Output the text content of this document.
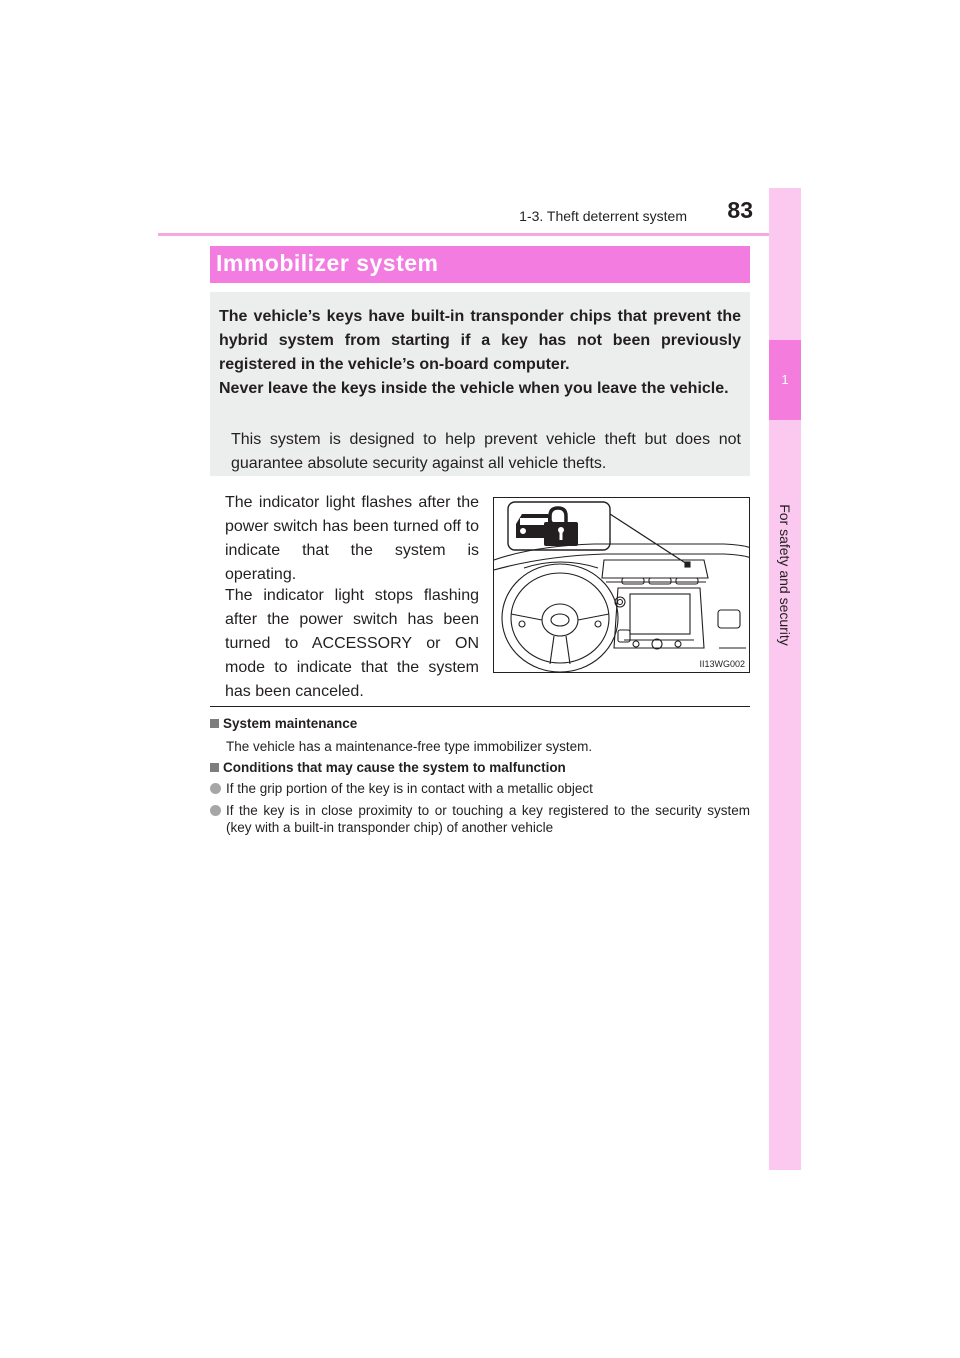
1-3. Theft deterrent system	83
1
For safety and security
Immobilizer system
The vehicle’s keys have built-in transponder chips that prevent the hybrid system from starting if a key has not been previously registered in the vehicle’s on-board computer.
Never leave the keys inside the vehicle when you leave the vehicle.
This system is designed to help prevent vehicle theft but does not guarantee absolute security against all vehicle thefts.
The indicator light flashes after the power switch has been turned off to indicate that the system is operating.
The indicator light stops flashing after the power switch has been turned to ACCESSORY or ON mode to indicate that the system has been canceled.
II13WG002
System maintenance
The vehicle has a maintenance-free type immobilizer system.
Conditions that may cause the system to malfunction
If the grip portion of the key is in contact with a metallic object
If the key is in close proximity to or touching a key registered to the security system (key with a built-in transponder chip) of another vehicle
